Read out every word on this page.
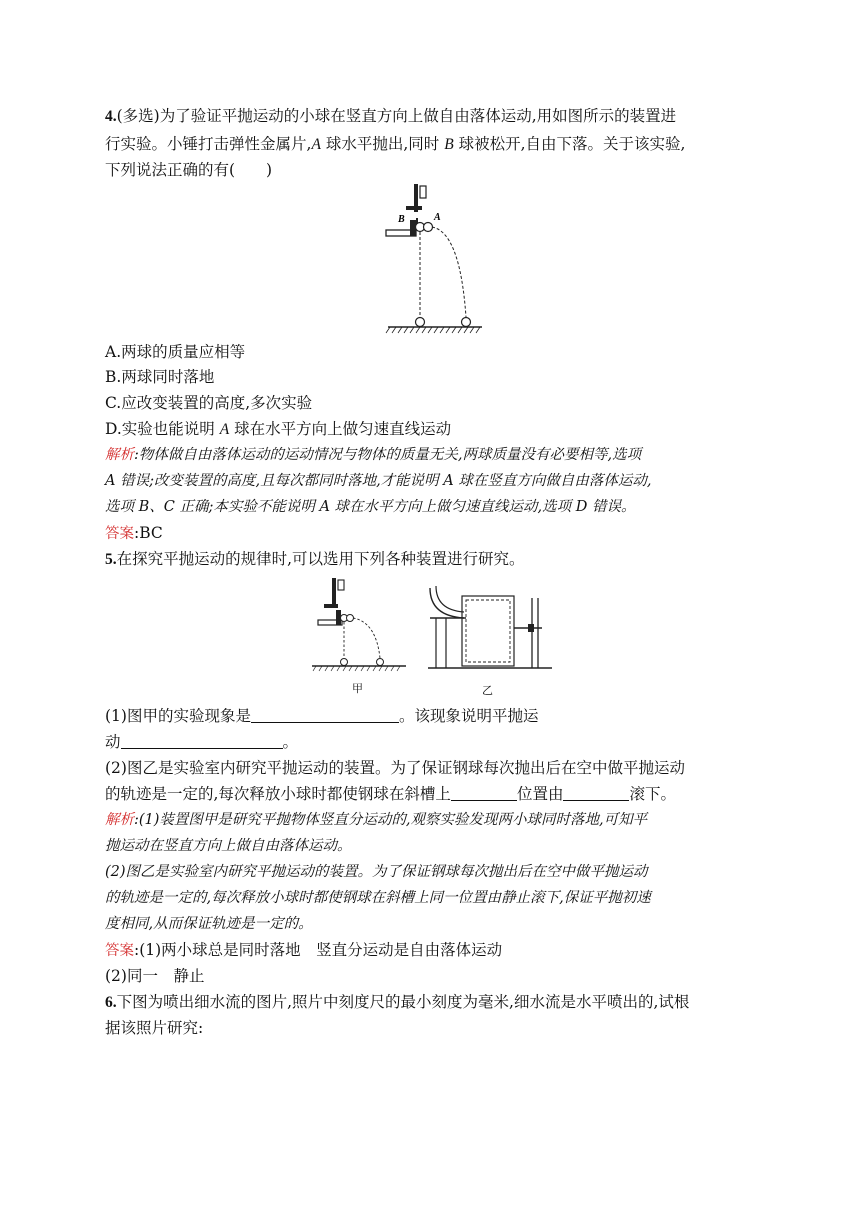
4.(多选)为了验证平抛运动的小球在竖直方向上做自由落体运动,用如图所示的装置进
行实验。小锤打击弹性金属片,A 球水平抛出,同时 B 球被松开,自由下落。关于该实验,
下列说法正确的有(　　)
B	A
A.两球的质量应相等
B.两球同时落地
C.应改变装置的高度,多次实验
D.实验也能说明 A 球在水平方向上做匀速直线运动
解析:物体做自由落体运动的运动情况与物体的质量无关,两球质量没有必要相等,选项
A 错误;改变装置的高度,且每次都同时落地,才能说明 A 球在竖直方向做自由落体运动,
选项 B、C 正确;本实验不能说明 A 球在水平方向上做匀速直线运动,选项 D 错误。
答案:BC
5.在探究平抛运动的规律时,可以选用下列各种装置进行研究。
甲	乙
(1)图甲的实验现象是	。该现象说明平抛运
动	。
(2)图乙是实验室内研究平抛运动的装置。为了保证钢球每次抛出后在空中做平抛运动
的轨迹是一定的,每次释放小球时都使钢球在斜槽上	位置由	滚下。
解析:(1)装置图甲是研究平抛物体竖直分运动的,观察实验发现两小球同时落地,可知平
抛运动在竖直方向上做自由落体运动。
(2)图乙是实验室内研究平抛运动的装置。为了保证钢球每次抛出后在空中做平抛运动
的轨迹是一定的,每次释放小球时都使钢球在斜槽上同一位置由静止滚下,保证平抛初速
度相同,从而保证轨迹是一定的。
答案:(1)两小球总是同时落地　竖直分运动是自由落体运动
(2)同一　静止
6.下图为喷出细水流的图片,照片中刻度尺的最小刻度为毫米,细水流是水平喷出的,试根
据该照片研究:
